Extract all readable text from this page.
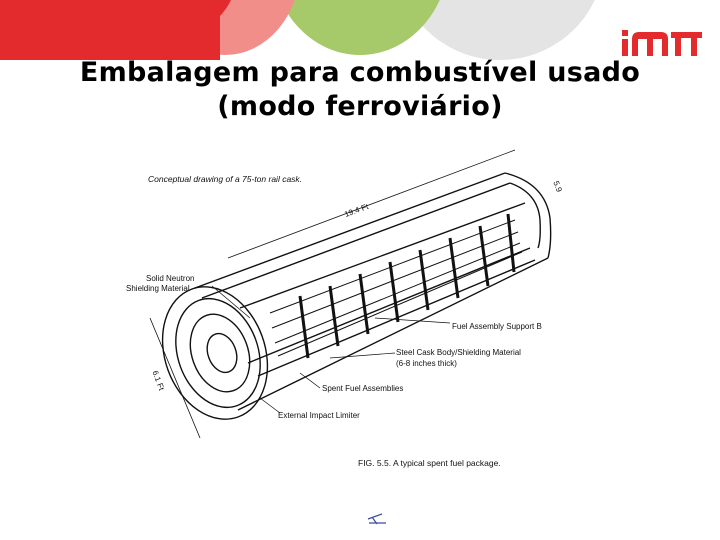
Embalagem para combustível usado
(modo ferroviário)
Conceptual drawing of a 75-ton rail cask.
19.4 Ft
5.9
6.1 Ft
Solid Neutron
Shielding Material
Fuel Assembly Support B
Steel Cask Body/Shielding Material
(6-8 inches thick)
Spent Fuel Assemblies
External Impact Limiter
FIG. 5.5. A typical spent fuel package.
